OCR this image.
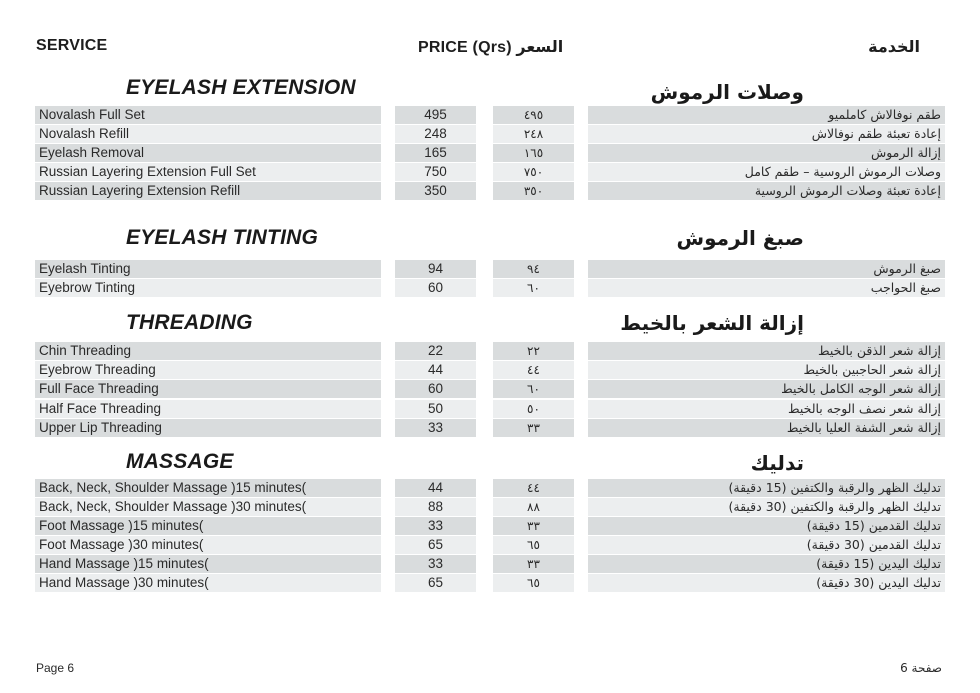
SERVICE	PRICE (Qrs) السعر	الخدمة
EYELASH EXTENSION	وصلات الرموش
Novalash Full Set	495	٤٩٥	طقم نوفالاش كاملميو
Novalash Refill	248	٢٤٨	إعادة تعبئة طقم نوفالاش
Eyelash Removal	165	١٦٥	إزالة الرموش
Russian Layering Extension Full Set	750	٧٥٠	وصلات الرموش الروسية – طقم كامل
Russian Layering Extension Refill	350	٣٥٠	إعادة تعبئة وصلات الرموش الروسية
EYELASH TINTING	صبغ الرموش
Eyelash Tinting	94	٩٤	صبغ الرموش
Eyebrow Tinting	60	٦٠	صبغ الحواجب
THREADING	إزالة الشعر بالخيط
Chin Threading	22	٢٢	إزالة شعر الذقن بالخيط
Eyebrow Threading	44	٤٤	إزالة شعر الحاجبين بالخيط
Full Face Threading	60	٦٠	إزالة شعر الوجه الكامل بالخيط
Half Face Threading	50	٥٠	إزالة شعر نصف الوجه بالخيط
Upper Lip Threading	33	٣٣	إزالة شعر الشفة العليا بالخيط
MASSAGE	تدليك
Back, Neck, Shoulder Massage )15 minutes(	44	٤٤	تدليك الظهر والرقبة والكتفين (15 دقيقة)
Back, Neck, Shoulder Massage )30 minutes(	88	٨٨	تدليك الظهر والرقبة والكتفين (30 دقيقة)
Foot Massage )15 minutes(	33	٣٣	تدليك القدمين (15 دقيقة)
Foot Massage )30 minutes(	65	٦٥	تدليك القدمين (30 دقيقة)
Hand Massage )15 minutes(	33	٣٣	تدليك اليدين (15 دقيقة)
Hand Massage )30 minutes(	65	٦٥	تدليك اليدين (30 دقيقة)
Page 6	صفحة 6
